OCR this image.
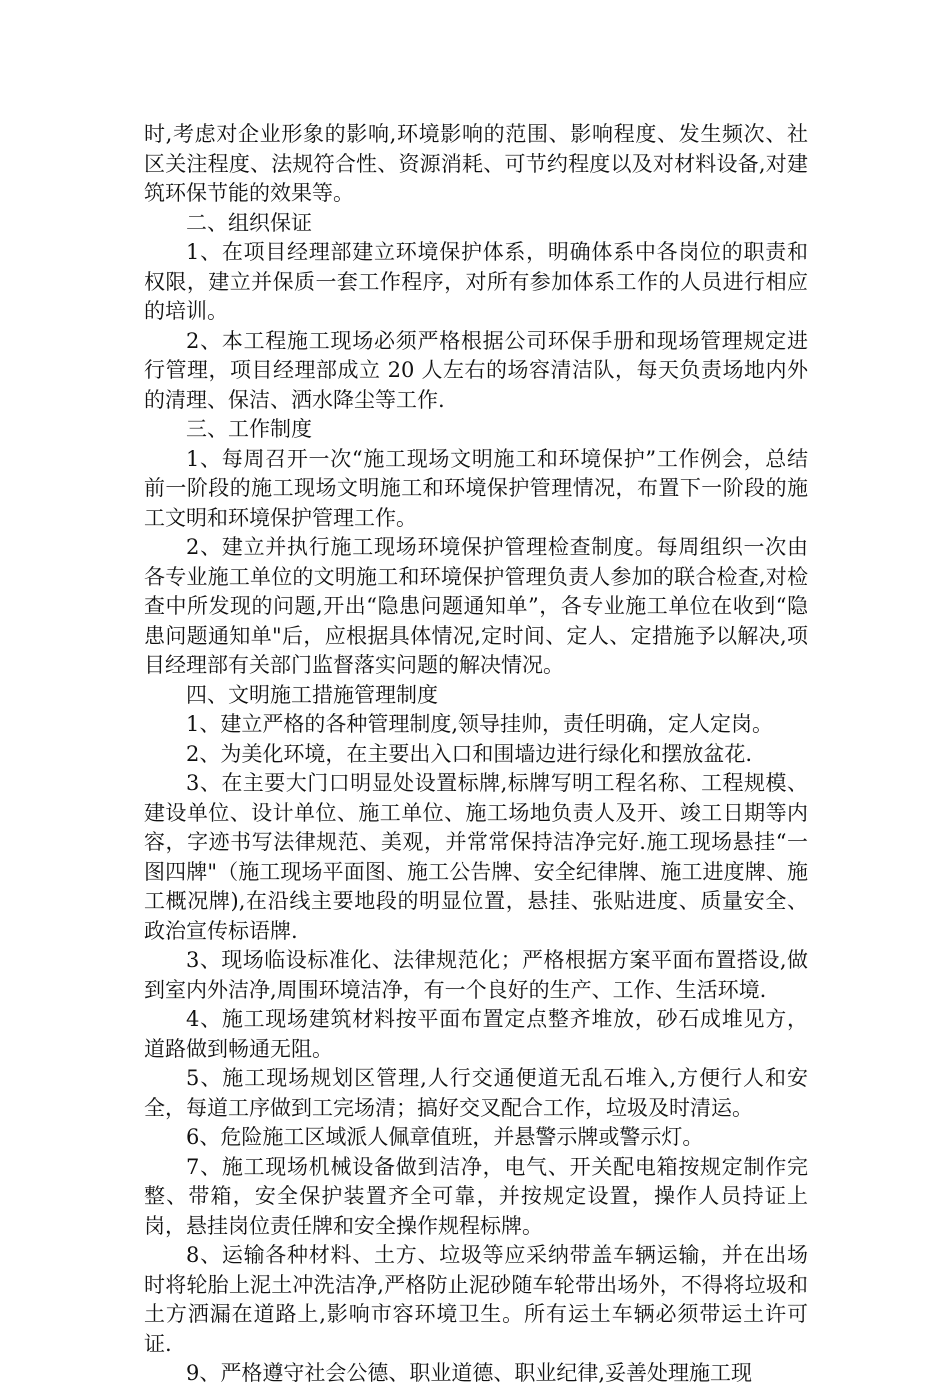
时,考虑对企业形象的影响,环境影响的范围、影响程度、发生频次、社区关注程度、法规符合性、资源消耗、可节约程度以及对材料设备,对建筑环保节能的效果等。

二、组织保证

1、在项目经理部建立环境保护体系，明确体系中各岗位的职责和权限，建立并保质一套工作程序，对所有参加体系工作的人员进行相应的培训。

2、本工程施工现场必须严格根据公司环保手册和现场管理规定进行管理，项目经理部成立 20 人左右的场容清洁队，每天负责场地内外的清理、保洁、洒水降尘等工作.

三、工作制度

1、每周召开一次“施工现场文明施工和环境保护”工作例会，总结前一阶段的施工现场文明施工和环境保护管理情况，布置下一阶段的施工文明和环境保护管理工作。

2、建立并执行施工现场环境保护管理检查制度。每周组织一次由各专业施工单位的文明施工和环境保护管理负责人参加的联合检查,对检查中所发现的问题,开出“隐患问题通知单”，各专业施工单位在收到“隐患问题通知单"后，应根据具体情况,定时间、定人、定措施予以解决,项目经理部有关部门监督落实问题的解决情况。

四、文明施工措施管理制度

1、建立严格的各种管理制度,领导挂帅，责任明确，定人定岗。

2、为美化环境，在主要出入口和围墙边进行绿化和摆放盆花.

3、在主要大门口明显处设置标牌,标牌写明工程名称、工程规模、建设单位、设计单位、施工单位、施工场地负责人及开、竣工日期等内容，字迹书写法律规范、美观，并常常保持洁净完好.施工现场悬挂“一图四牌"（施工现场平面图、施工公告牌、安全纪律牌、施工进度牌、施工概况牌),在沿线主要地段的明显位置，悬挂、张贴进度、质量安全、政治宣传标语牌.

3、现场临设标准化、法律规范化；严格根据方案平面布置搭设,做到室内外洁净,周围环境洁净，有一个良好的生产、工作、生活环境.

4、施工现场建筑材料按平面布置定点整齐堆放，砂石成堆见方，道路做到畅通无阻。

5、施工现场规划区管理,人行交通便道无乱石堆入,方便行人和安全，每道工序做到工完场清；搞好交叉配合工作，垃圾及时清运。

6、危险施工区域派人佩章值班，并悬警示牌或警示灯。

7、施工现场机械设备做到洁净，电气、开关配电箱按规定制作完整、带箱，安全保护装置齐全可靠，并按规定设置，操作人员持证上岗，悬挂岗位责任牌和安全操作规程标牌。

8、运输各种材料、土方、垃圾等应采纳带盖车辆运输，并在出场时将轮胎上泥土冲洗洁净,严格防止泥砂随车轮带出场外，不得将垃圾和土方洒漏在道路上,影响市容环境卫生。所有运土车辆必须带运土许可证.

9、严格遵守社会公德、职业道德、职业纪律,妥善处理施工现
